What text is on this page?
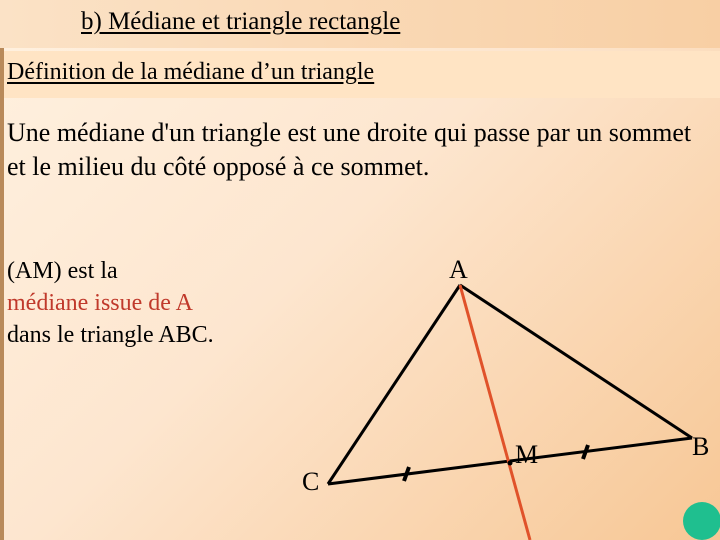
b) Médiane et triangle rectangle
Définition de la médiane d’un triangle

Une médiane d'un triangle est une droite qui passe par un sommet et le milieu du côté opposé à ce sommet.

(AM) est la
médiane issue de A
dans le triangle ABC.
A
B
C
M
